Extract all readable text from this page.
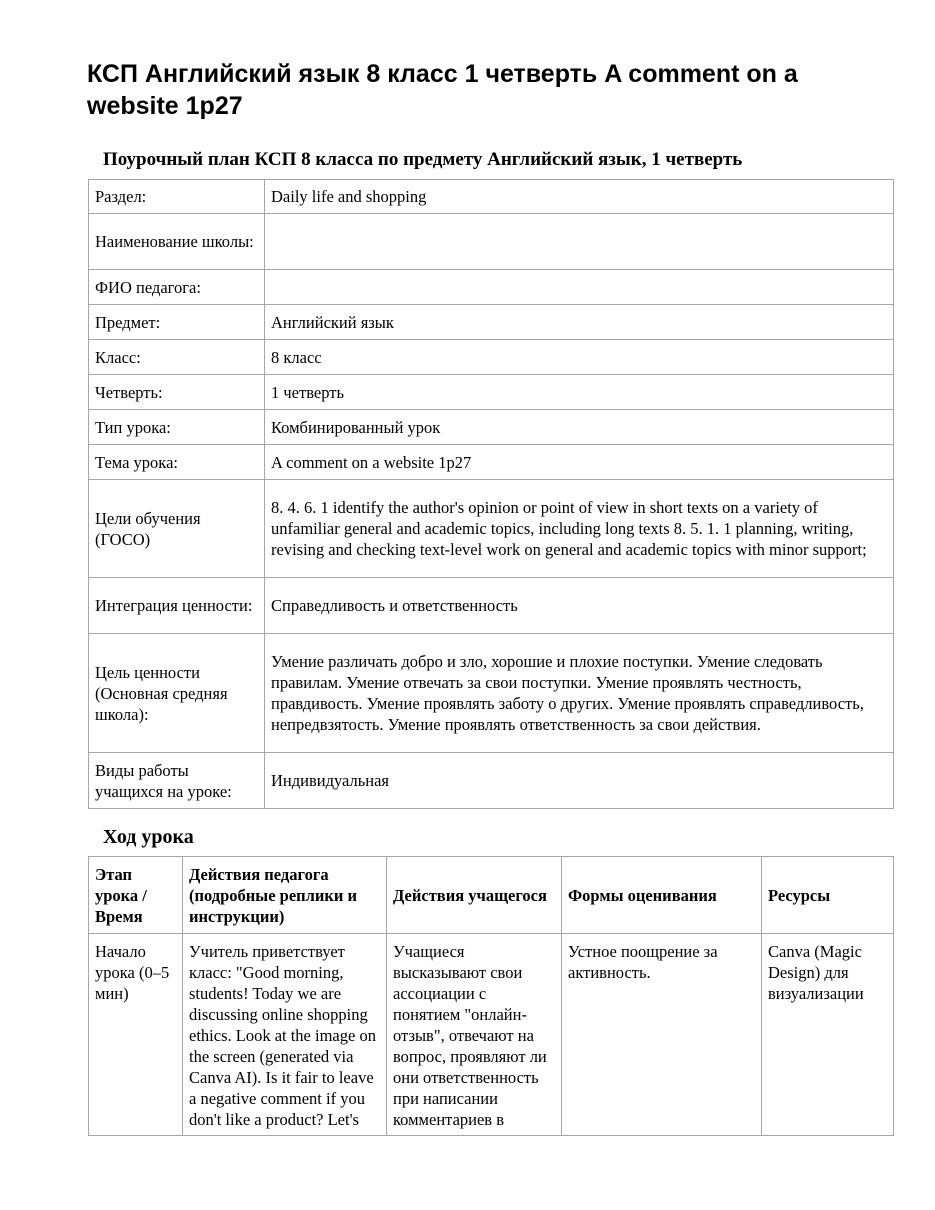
КСП Английский язык 8 класс 1 четверть A comment on a website 1p27
Поурочный план КСП 8 класса по предмету Английский язык, 1 четверть
Раздел:	Daily life and shopping
Наименование школы:	
ФИО педагога:	
Предмет:	Английский язык
Класс:	8 класс
Четверть:	1 четверть
Тип урока:	Комбинированный урок
Тема урока:	A comment on a website 1p27
Цели обучения (ГОСО)	8. 4. 6. 1 identify the author's opinion or point of view in short texts on a variety of unfamiliar general and academic topics, including long texts 8. 5. 1. 1 planning, writing, revising and checking text-level work on general and academic topics with minor support;
Интеграция ценности:	Справедливость и ответственность
Цель ценности (Основная средняя школа):	Умение различать добро и зло, хорошие и плохие поступки. Умение следовать правилам. Умение отвечать за свои поступки. Умение проявлять честность, правдивость. Умение проявлять заботу о других. Умение проявлять справедливость, непредвзятость. Умение проявлять ответственность за свои действия.
Виды работы учащихся на уроке:	Индивидуальная
Ход урока
Этап урока / Время	Действия педагога (подробные реплики и инструкции)	Действия учащегося	Формы оценивания	Ресурсы
Начало урока (0–5 мин)	Учитель приветствует класс: "Good morning, students! Today we are discussing online shopping ethics. Look at the image on the screen (generated via Canva AI). Is it fair to leave a negative comment if you don't like a product? Let's	Учащиеся высказывают свои ассоциации с понятием "онлайн-отзыв", отвечают на вопрос, проявляют ли они ответственность при написании комментариев в	Устное поощрение за активность.	Canva (Magic Design) для визуализации
